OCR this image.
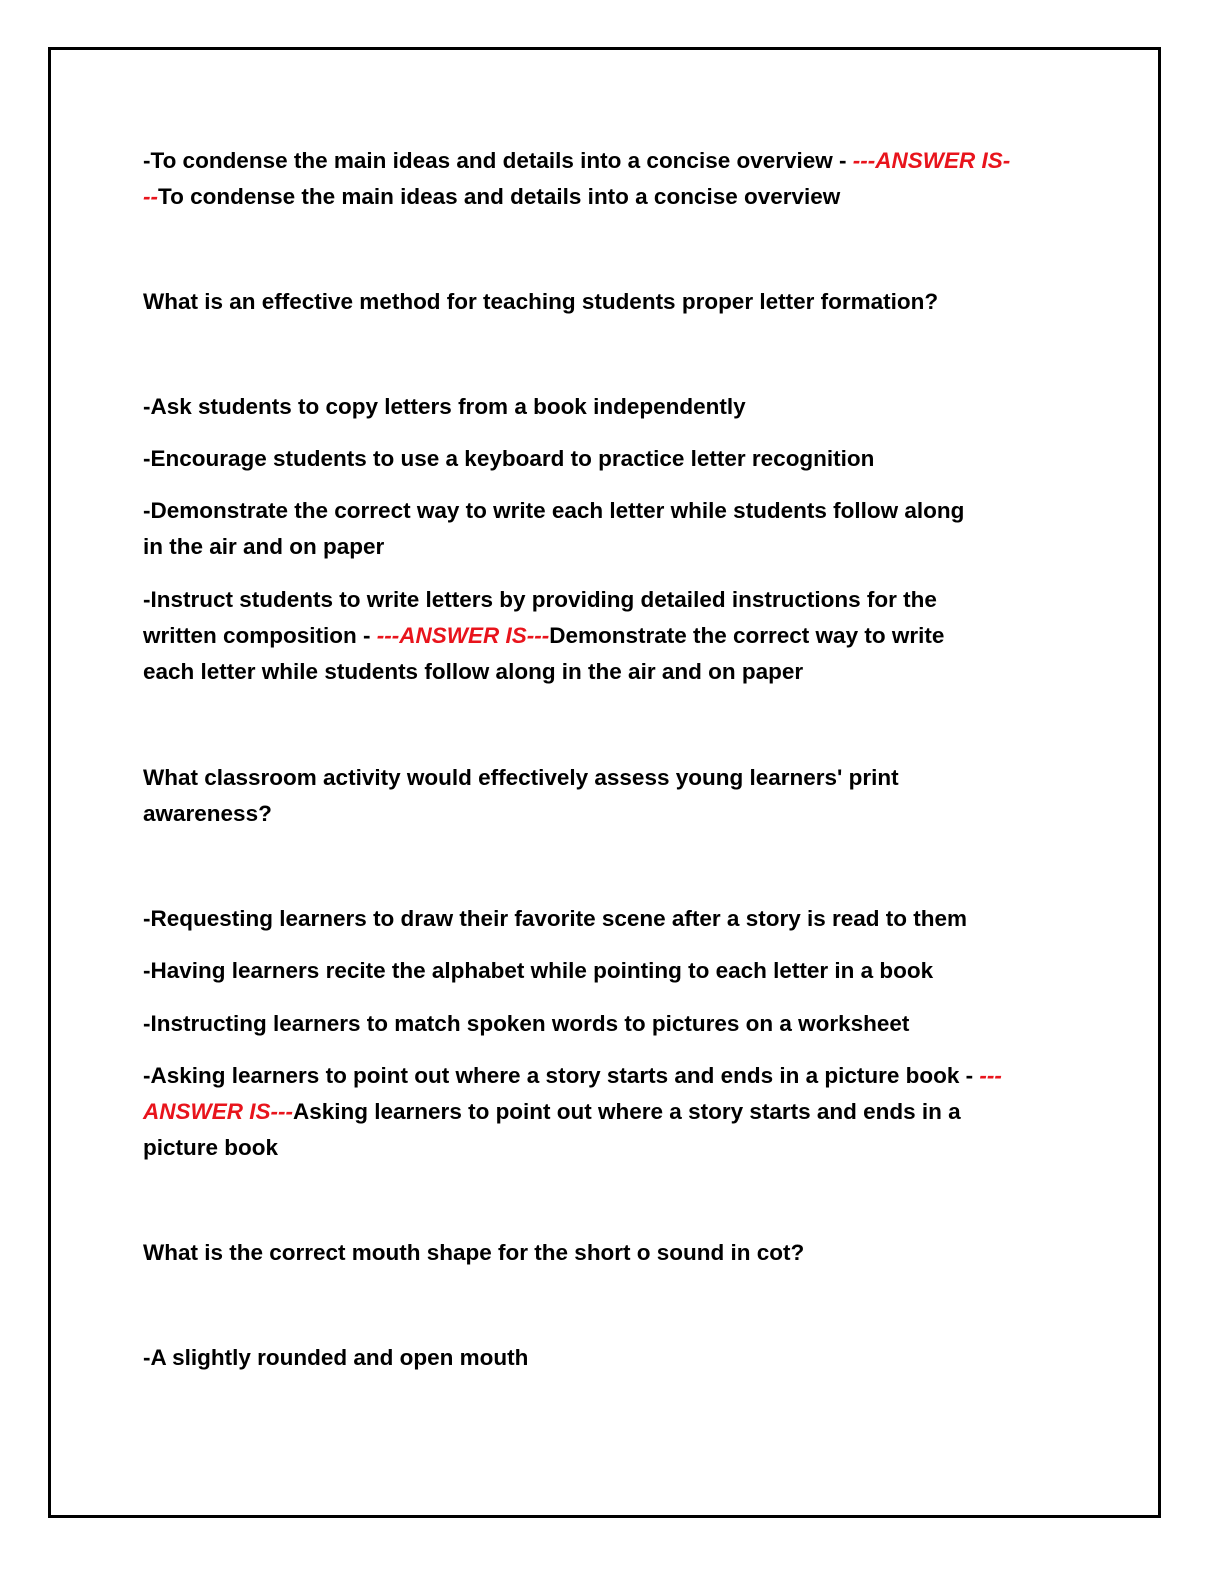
-To condense the main ideas and details into a concise overview - ---ANSWER IS-
--To condense the main ideas and details into a concise overview
What is an effective method for teaching students proper letter formation?
-Ask students to copy letters from a book independently
-Encourage students to use a keyboard to practice letter recognition
-Demonstrate the correct way to write each letter while students follow along
in the air and on paper
-Instruct students to write letters by providing detailed instructions for the
written composition - ---ANSWER IS---Demonstrate the correct way to write
each letter while students follow along in the air and on paper
What classroom activity would effectively assess young learners' print
awareness?
-Requesting learners to draw their favorite scene after a story is read to them
-Having learners recite the alphabet while pointing to each letter in a book
-Instructing learners to match spoken words to pictures on a worksheet
-Asking learners to point out where a story starts and ends in a picture book - ---
ANSWER IS---Asking learners to point out where a story starts and ends in a
picture book
What is the correct mouth shape for the short o sound in cot?
-A slightly rounded and open mouth
